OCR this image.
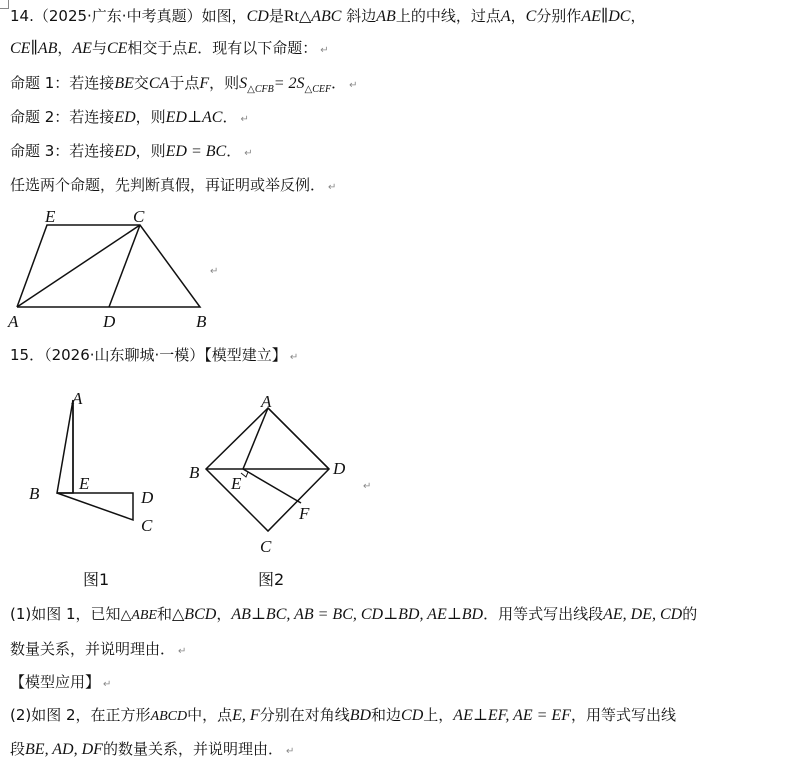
14.（2025·广东·中考真题）如图，CD是Rt△ABC 斜边AB上的中线，过点A，C分别作AE∥DC，
CE∥AB，AE与CE相交于点E．现有以下命题： ↵
命题 1：若连接BE交CA于点F，则$S_{\triangle CFB}= 2S_{\triangle CEF}$． ↵
命题 2：若连接ED，则ED⊥AC． ↵
命题 3：若连接ED，则ED = BC． ↵
任选两个命题，先判断真假，再证明或举反例． ↵
E	C
A	D	B
↵
15．（2026·山东聊城·一模）【模型建立】 ↵
A
B
E
D
C
图1
A
B
E
D
F
C
图2
↵
(1)如图 1，已知△ABE和△BCD，AB⊥BC, AB = BC, CD⊥BD, AE⊥BD．用等式写出线段AE, DE, CD的
数量关系，并说明理由． ↵
【模型应用】 ↵
(2)如图 2，在正方形ABCD中，点E, F分别在对角线BD和边CD上，AE⊥EF, AE = EF，用等式写出线
段BE, AD, DF的数量关系，并说明理由． ↵
